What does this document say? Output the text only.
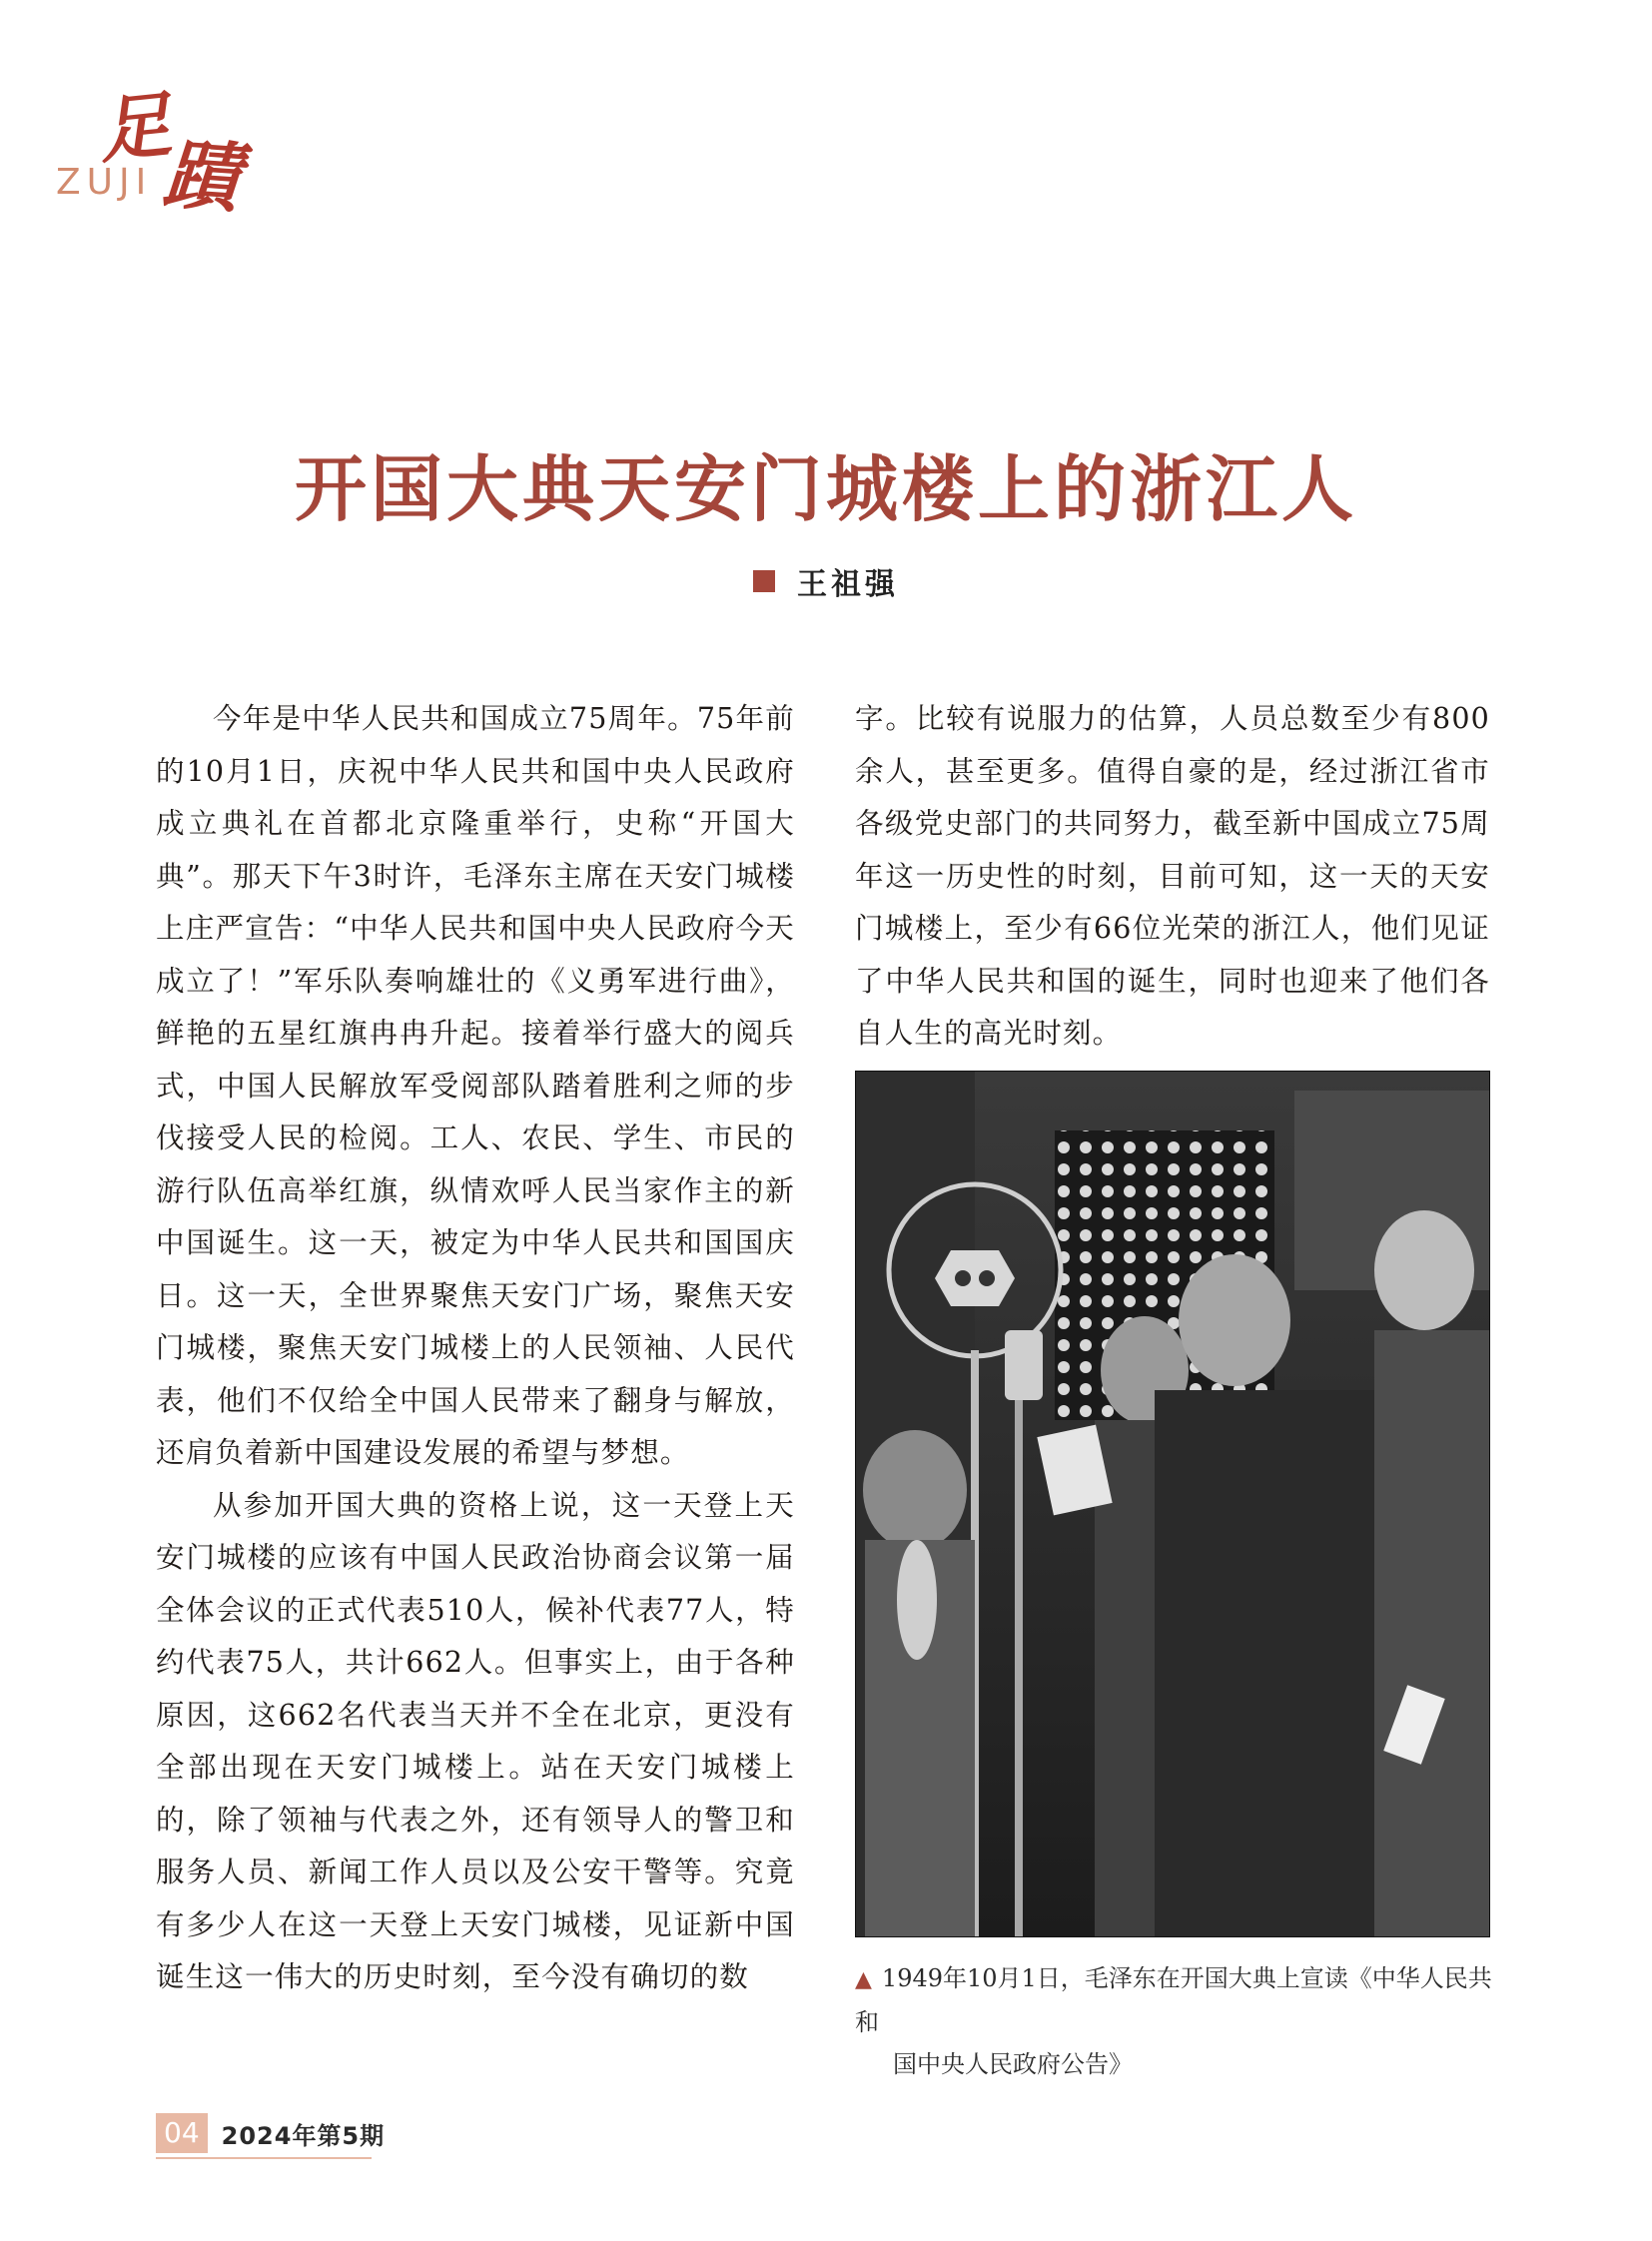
足
蹟
ZUJI
开国大典天安门城楼上的浙江人
王祖强

今年是中华人民共和国成立75周年。75年前的10月1日，庆祝中华人民共和国中央人民政府成立典礼在首都北京隆重举行，史称“开国大典”。那天下午3时许，毛泽东主席在天安门城楼上庄严宣告：“中华人民共和国中央人民政府今天成立了！”军乐队奏响雄壮的《义勇军进行曲》，鲜艳的五星红旗冉冉升起。接着举行盛大的阅兵式，中国人民解放军受阅部队踏着胜利之师的步伐接受人民的检阅。工人、农民、学生、市民的游行队伍高举红旗，纵情欢呼人民当家作主的新中国诞生。这一天，被定为中华人民共和国国庆日。这一天，全世界聚焦天安门广场，聚焦天安门城楼，聚焦天安门城楼上的人民领袖、人民代表，他们不仅给全中国人民带来了翻身与解放，还肩负着新中国建设发展的希望与梦想。

从参加开国大典的资格上说，这一天登上天安门城楼的应该有中国人民政治协商会议第一届全体会议的正式代表510人，候补代表77人，特约代表75人，共计662人。但事实上，由于各种原因，这662名代表当天并不全在北京，更没有全部出现在天安门城楼上。站在天安门城楼上的，除了领袖与代表之外，还有领导人的警卫和服务人员、新闻工作人员以及公安干警等。究竟有多少人在这一天登上天安门城楼，见证新中国诞生这一伟大的历史时刻，至今没有确切的数

字。比较有说服力的估算，人员总数至少有800余人，甚至更多。值得自豪的是，经过浙江省市各级党史部门的共同努力，截至新中国成立75周年这一历史性的时刻，目前可知，这一天的天安门城楼上，至少有66位光荣的浙江人，他们见证了中华人民共和国的诞生，同时也迎来了他们各自人生的高光时刻。

▲ 1949年10月1日，毛泽东在开国大典上宣读《中华人民共和
国中央人民政府公告》
04 2024年第5期
